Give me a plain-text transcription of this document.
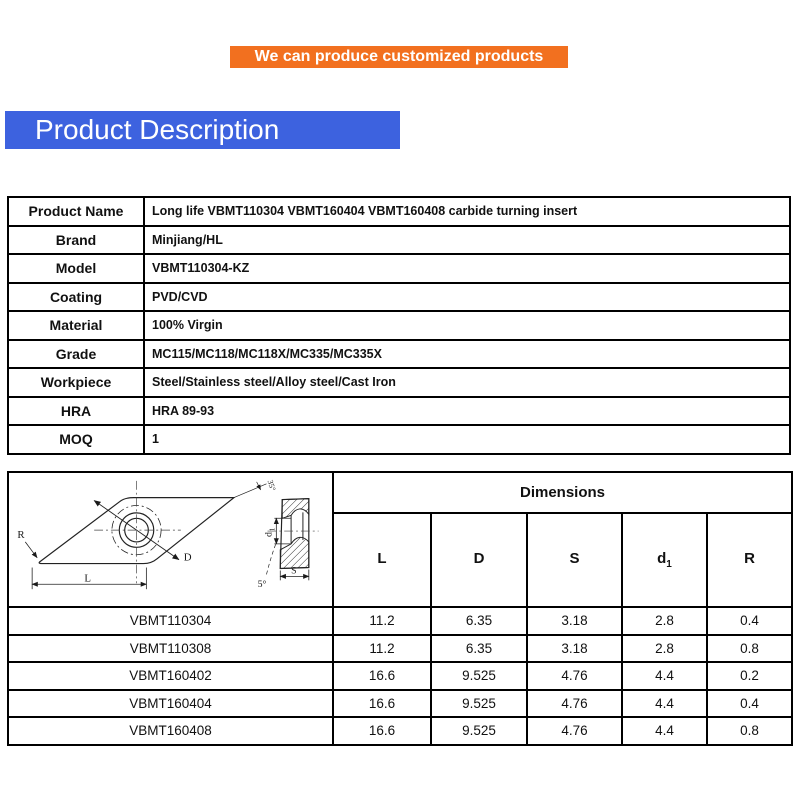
We can produce customized products
Product Description
Product Name	Long life VBMT110304 VBMT160404 VBMT160408 carbide turning insert
Brand	Minjiang/HL
Model	VBMT110304-KZ
Coating	PVD/CVD
Material	100% Virgin
Grade	MC115/MC118/MC118X/MC335/MC335X
Workpiece	Steel/Stainless steel/Alloy steel/Cast Iron
HRA	HRA 89-93
MOQ	1
D
L
R
35°
d
1
S
5°
	Dimensions
	L	D	S	$d_1$	R
VBMT110304	11.2	6.35	3.18	2.8	0.4
VBMT110308	11.2	6.35	3.18	2.8	0.8
VBMT160402	16.6	9.525	4.76	4.4	0.2
VBMT160404	16.6	9.525	4.76	4.4	0.4
VBMT160408	16.6	9.525	4.76	4.4	0.8
